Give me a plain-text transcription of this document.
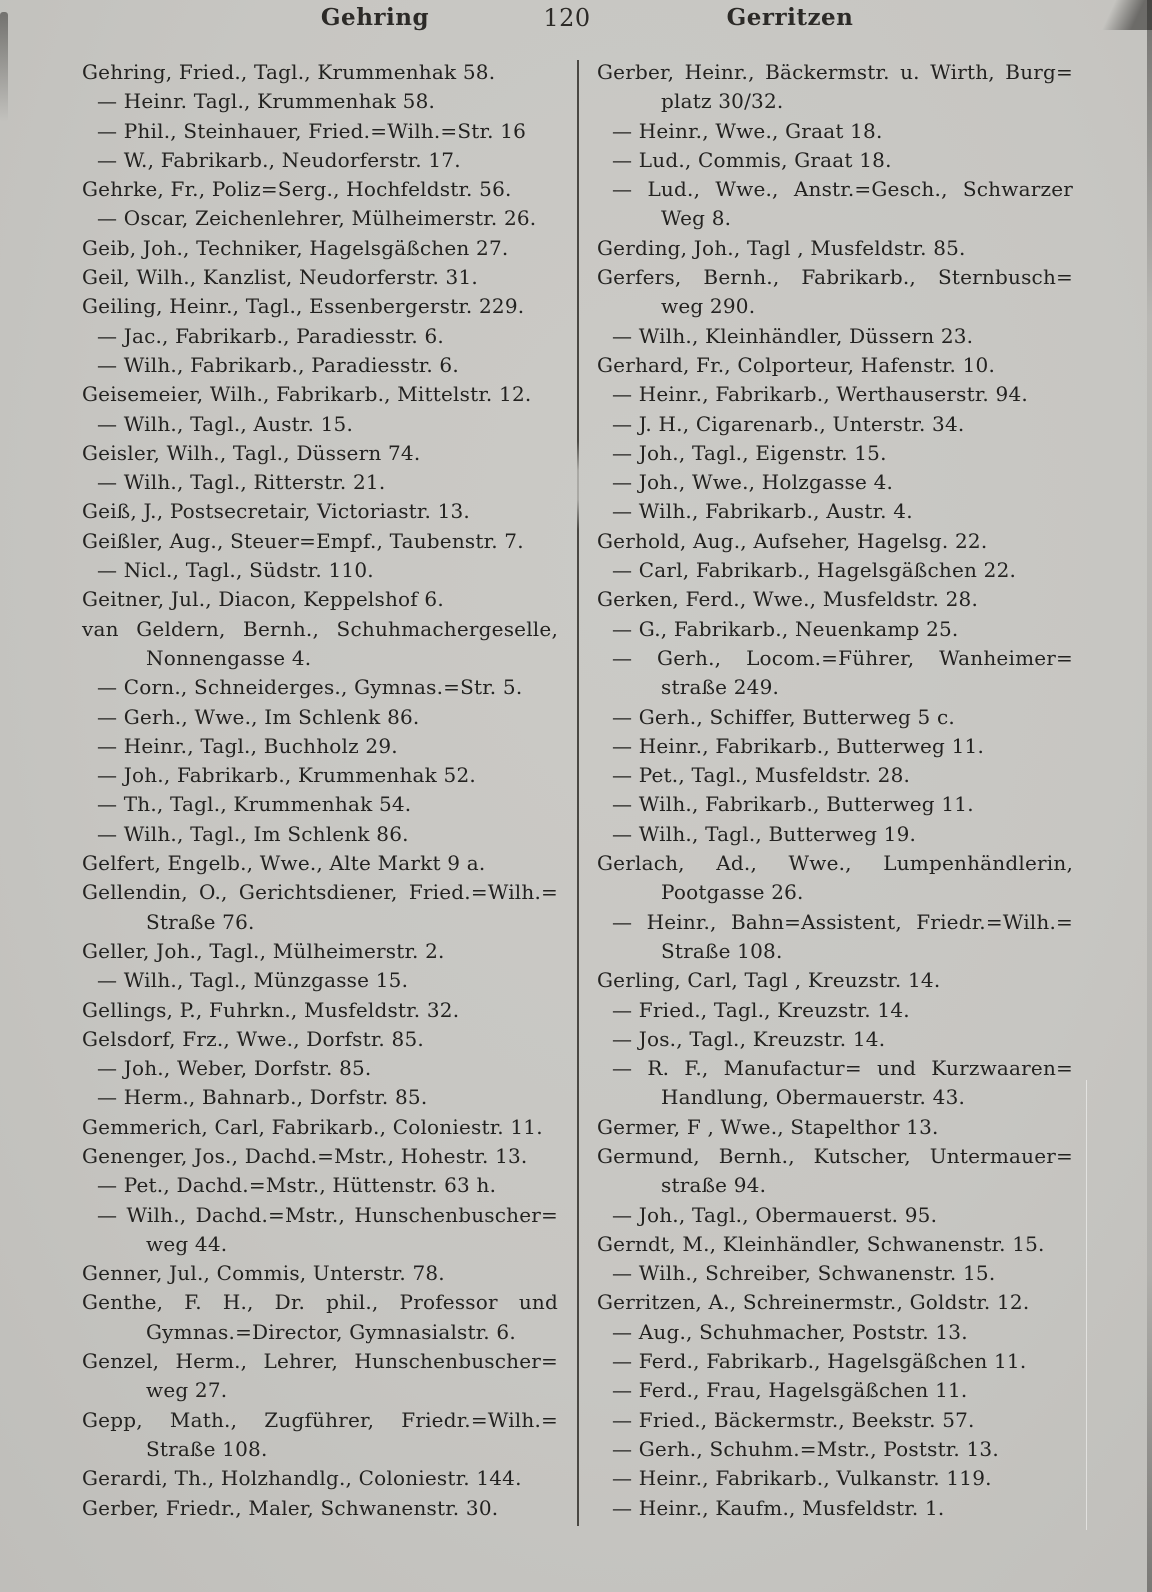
Gehring	120	Gerritzen
Gehring, Fried., Tagl., Krummenhak 58.
— Heinr. Tagl., Krummenhak 58.
— Phil., Steinhauer, Fried.=Wilh.=Str. 16
— W., Fabrikarb., Neudorferstr. 17.
Gehrke, Fr., Poliz=Serg., Hochfeldstr. 56.
— Oscar, Zeichenlehrer, Mülheimerstr. 26.
Geib, Joh., Techniker, Hagelsgäßchen 27.
Geil, Wilh., Kanzlist, Neudorferstr. 31.
Geiling, Heinr., Tagl., Essenbergerstr. 229.
— Jac., Fabrikarb., Paradiesstr. 6.
— Wilh., Fabrikarb., Paradiesstr. 6.
Geisemeier, Wilh., Fabrikarb., Mittelstr. 12.
— Wilh., Tagl., Austr. 15.
Geisler, Wilh., Tagl., Düssern 74.
— Wilh., Tagl., Ritterstr. 21.
Geiß, J., Postsecretair, Victoriastr. 13.
Geißler, Aug., Steuer=Empf., Taubenstr. 7.
— Nicl., Tagl., Südstr. 110.
Geitner, Jul., Diacon, Keppelshof 6.
van Geldern, Bernh., Schuhmachergeselle,
Nonnengasse 4.
— Corn., Schneiderges., Gymnas.=Str. 5.
— Gerh., Wwe., Im Schlenk 86.
— Heinr., Tagl., Buchholz 29.
— Joh., Fabrikarb., Krummenhak 52.
— Th., Tagl., Krummenhak 54.
— Wilh., Tagl., Im Schlenk 86.
Gelfert, Engelb., Wwe., Alte Markt 9 a.
Gellendin, O., Gerichtsdiener, Fried.=Wilh.=
Straße 76.
Geller, Joh., Tagl., Mülheimerstr. 2.
— Wilh., Tagl., Münzgasse 15.
Gellings, P., Fuhrkn., Musfeldstr. 32.
Gelsdorf, Frz., Wwe., Dorfstr. 85.
— Joh., Weber, Dorfstr. 85.
— Herm., Bahnarb., Dorfstr. 85.
Gemmerich, Carl, Fabrikarb., Coloniestr. 11.
Genenger, Jos., Dachd.=Mstr., Hohestr. 13.
— Pet., Dachd.=Mstr., Hüttenstr. 63 h.
— Wilh., Dachd.=Mstr., Hunschenbuscher=
weg 44.
Genner, Jul., Commis, Unterstr. 78.
Genthe, F. H., Dr. phil., Professor und
Gymnas.=Director, Gymnasialstr. 6.
Genzel, Herm., Lehrer, Hunschenbuscher=
weg 27.
Gepp, Math., Zugführer, Friedr.=Wilh.=
Straße 108.
Gerardi, Th., Holzhandlg., Coloniestr. 144.
Gerber, Friedr., Maler, Schwanenstr. 30.
Gerber, Heinr., Bäckermstr. u. Wirth, Burg=
platz 30/32.
— Heinr., Wwe., Graat 18.
— Lud., Commis, Graat 18.
— Lud., Wwe., Anstr.=Gesch., Schwarzer
Weg 8.
Gerding, Joh., Tagl , Musfeldstr. 85.
Gerfers, Bernh., Fabrikarb., Sternbusch=
weg 290.
— Wilh., Kleinhändler, Düssern 23.
Gerhard, Fr., Colporteur, Hafenstr. 10.
— Heinr., Fabrikarb., Werthauserstr. 94.
— J. H., Cigarenarb., Unterstr. 34.
— Joh., Tagl., Eigenstr. 15.
— Joh., Wwe., Holzgasse 4.
— Wilh., Fabrikarb., Austr. 4.
Gerhold, Aug., Aufseher, Hagelsg. 22.
— Carl, Fabrikarb., Hagelsgäßchen 22.
Gerken, Ferd., Wwe., Musfeldstr. 28.
— G., Fabrikarb., Neuenkamp 25.
— Gerh., Locom.=Führer, Wanheimer=
straße 249.
— Gerh., Schiffer, Butterweg 5 c.
— Heinr., Fabrikarb., Butterweg 11.
— Pet., Tagl., Musfeldstr. 28.
— Wilh., Fabrikarb., Butterweg 11.
— Wilh., Tagl., Butterweg 19.
Gerlach, Ad., Wwe., Lumpenhändlerin,
Pootgasse 26.
— Heinr., Bahn=Assistent, Friedr.=Wilh.=
Straße 108.
Gerling, Carl, Tagl , Kreuzstr. 14.
— Fried., Tagl., Kreuzstr. 14.
— Jos., Tagl., Kreuzstr. 14.
— R. F., Manufactur= und Kurzwaaren=
Handlung, Obermauerstr. 43.
Germer, F , Wwe., Stapelthor 13.
Germund, Bernh., Kutscher, Untermauer=
straße 94.
— Joh., Tagl., Obermauerst. 95.
Gerndt, M., Kleinhändler, Schwanenstr. 15.
— Wilh., Schreiber, Schwanenstr. 15.
Gerritzen, A., Schreinermstr., Goldstr. 12.
— Aug., Schuhmacher, Poststr. 13.
— Ferd., Fabrikarb., Hagelsgäßchen 11.
— Ferd., Frau, Hagelsgäßchen 11.
— Fried., Bäckermstr., Beekstr. 57.
— Gerh., Schuhm.=Mstr., Poststr. 13.
— Heinr., Fabrikarb., Vulkanstr. 119.
— Heinr., Kaufm., Musfeldstr. 1.
